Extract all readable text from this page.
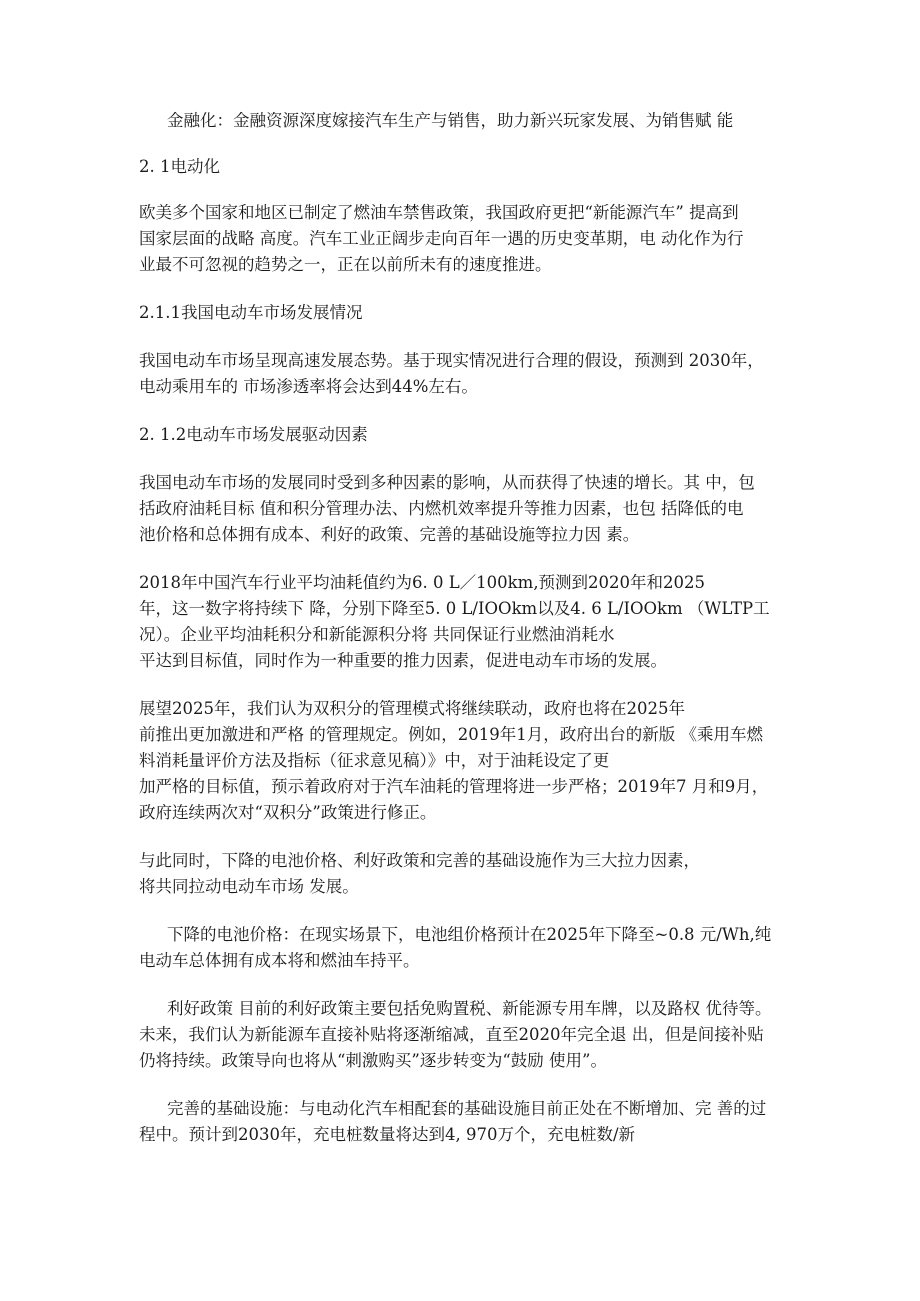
金融化：金融资源深度嫁接汽车生产与销售，助力新兴玩家发展、为销售赋 能

2. 1电动化

欧美多个国家和地区已制定了燃油车禁售政策，我国政府更把“新能源汽车” 提高到
国家层面的战略 高度。汽车工业正阔步走向百年一遇的历史变革期，电 动化作为行
业最不可忽视的趋势之一，正在以前所未有的速度推进。

2.1.1我国电动车市场发展情况

我国电动车市场呈现高速发展态势。基于现实情况进行合理的假设，预测到 2030年，
电动乘用车的 市场渗透率将会达到44%左右。

2. 1.2电动车市场发展驱动因素

我国电动车市场的发展同时受到多种因素的影响，从而获得了快速的增长。其 中，包
括政府油耗目标 值和积分管理办法、内燃机效率提升等推力因素，也包 括降低的电
池价格和总体拥有成本、利好的政策、完善的基础设施等拉力因 素。

2018年中国汽车行业平均油耗值约为6. 0 L／100km,预测到2020年和2025
年，这一数字将持续下 降，分别下降至5. 0 L/IOOkm以及4. 6 L/IOOkm （WLTP工
况）。企业平均油耗积分和新能源积分将 共同保证行业燃油消耗水
平达到目标值，同时作为一种重要的推力因素，促进电动车市场的发展。

展望2025年，我们认为双积分的管理模式将继续联动，政府也将在2025年
前推出更加激进和严格 的管理规定。例如，2019年1月，政府出台的新版 《乘用车燃
料消耗量评价方法及指标（征求意见稿）》中，对于油耗设定了更
加严格的目标值，预示着政府对于汽车油耗的管理将进一步严格；2019年7 月和9月，
政府连续两次对“双积分”政策进行修正。

与此同时，下降的电池价格、利好政策和完善的基础设施作为三大拉力因素，
将共同拉动电动车市场 发展。

下降的电池价格：在现实场景下，电池组价格预计在2025年下降至~0.8 元/Wh,纯
电动车总体拥有成本将和燃油车持平。

利好政策 目前的利好政策主要包括免购置税、新能源专用车牌，以及路权 优待等。
未来，我们认为新能源车直接补贴将逐渐缩减，直至2020年完全退 出，但是间接补贴
仍将持续。政策导向也将从“刺激购买”逐步转变为“鼓励 使用”。

完善的基础设施：与电动化汽车相配套的基础设施目前正处在不断增加、完 善的过
程中。预计到2030年，充电桩数量将达到4, 970万个，充电桩数/新
